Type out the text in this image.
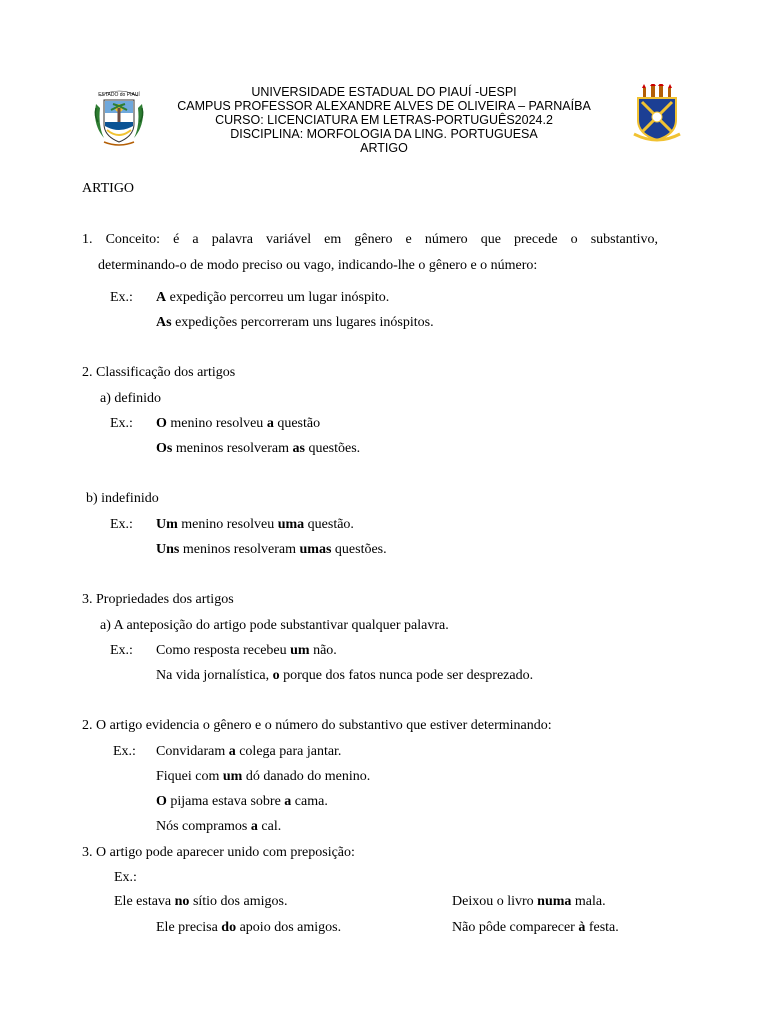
ESTADO do PIAUÍ	UNIVERSIDADE ESTADUAL DO PIAUÍ -UESPI
CAMPUS PROFESSOR ALEXANDRE ALVES DE OLIVEIRA – PARNAÍBA
CURSO: LICENCIATURA EM LETRAS-PORTUGUÊS2024.2
DISCIPLINA: MORFOLOGIA DA LING. PORTUGUESA
ARTIGO
ARTIGO
1. Conceito: é a palavra variável em gênero e número que precede o substantivo,
determinando-o de modo preciso ou vago, indicando-lhe o gênero e o número:
Ex.: A expedição percorreu um lugar inóspito.
As expedições percorreram uns lugares inóspitos.
2. Classificação dos artigos
a) definido
Ex.: O menino resolveu a questão
Os meninos resolveram as questões.
b) indefinido
Ex.: Um menino resolveu uma questão.
Uns meninos resolveram umas questões.
3. Propriedades dos artigos
a) A anteposição do artigo pode substantivar qualquer palavra.
Ex.: Como resposta recebeu um não.
Na vida jornalística, o porque dos fatos nunca pode ser desprezado.
2. O artigo evidencia o gênero e o número do substantivo que estiver determinando:
Ex.: Convidaram a colega para jantar.
Fiquei com um dó danado do menino.
O pijama estava sobre a cama.
Nós compramos a cal.
3. O artigo pode aparecer unido com preposição:
Ex.:
Ele estava no sítio dos amigos.	Deixou o livro numa mala.
Ele precisa do apoio dos amigos.	Não pôde comparecer à festa.
